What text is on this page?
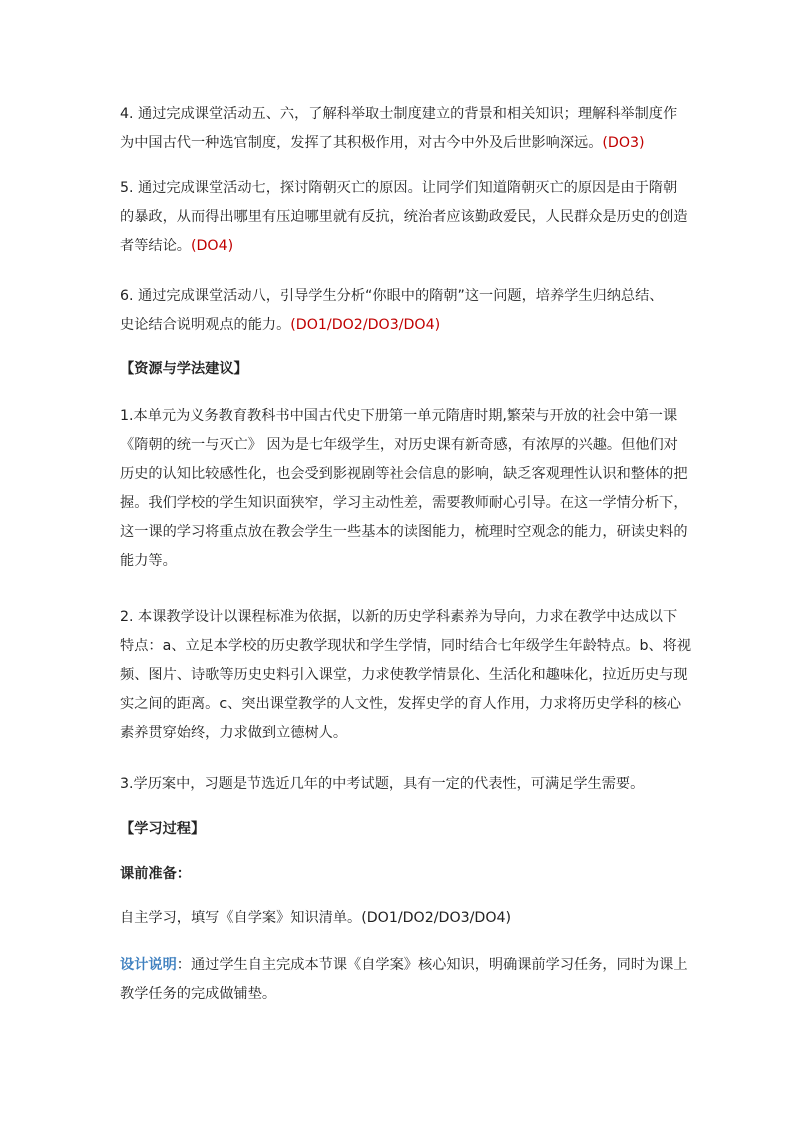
4. 通过完成课堂活动五、六，了解科举取士制度建立的背景和相关知识；理解科举制度作
为中国古代一种选官制度，发挥了其积极作用，对古今中外及后世影响深远。(DO3)

5. 通过完成课堂活动七，探讨隋朝灭亡的原因。让同学们知道隋朝灭亡的原因是由于隋朝
的暴政，从而得出哪里有压迫哪里就有反抗，统治者应该勤政爱民，人民群众是历史的创造
者等结论。(DO4)

6. 通过完成课堂活动八，引导学生分析“你眼中的隋朝”这一问题，培养学生归纳总结、
史论结合说明观点的能力。(DO1/DO2/DO3/DO4)

【资源与学法建议】

1.本单元为义务教育教科书中国古代史下册第一单元隋唐时期,繁荣与开放的社会中第一课
《隋朝的统一与灭亡》 因为是七年级学生，对历史课有新奇感，有浓厚的兴趣。但他们对
历史的认知比较感性化，也会受到影视剧等社会信息的影响，缺乏客观理性认识和整体的把
握。我们学校的学生知识面狭窄，学习主动性差，需要教师耐心引导。在这一学情分析下，
这一课的学习将重点放在教会学生一些基本的读图能力，梳理时空观念的能力，研读史料的
能力等。

2. 本课教学设计以课程标准为依据，以新的历史学科素养为导向，力求在教学中达成以下
特点：a、立足本学校的历史教学现状和学生学情，同时结合七年级学生年龄特点。b、将视
频、图片、诗歌等历史史料引入课堂，力求使教学情景化、生活化和趣味化，拉近历史与现
实之间的距离。c、突出课堂教学的人文性，发挥史学的育人作用，力求将历史学科的核心
素养贯穿始终，力求做到立德树人。

3.学历案中，习题是节选近几年的中考试题，具有一定的代表性，可满足学生需要。

【学习过程】

课前准备：

自主学习，填写《自学案》知识清单。(DO1/DO2/DO3/DO4)

设计说明：通过学生自主完成本节课《自学案》核心知识，明确课前学习任务，同时为课上
教学任务的完成做铺垫。
